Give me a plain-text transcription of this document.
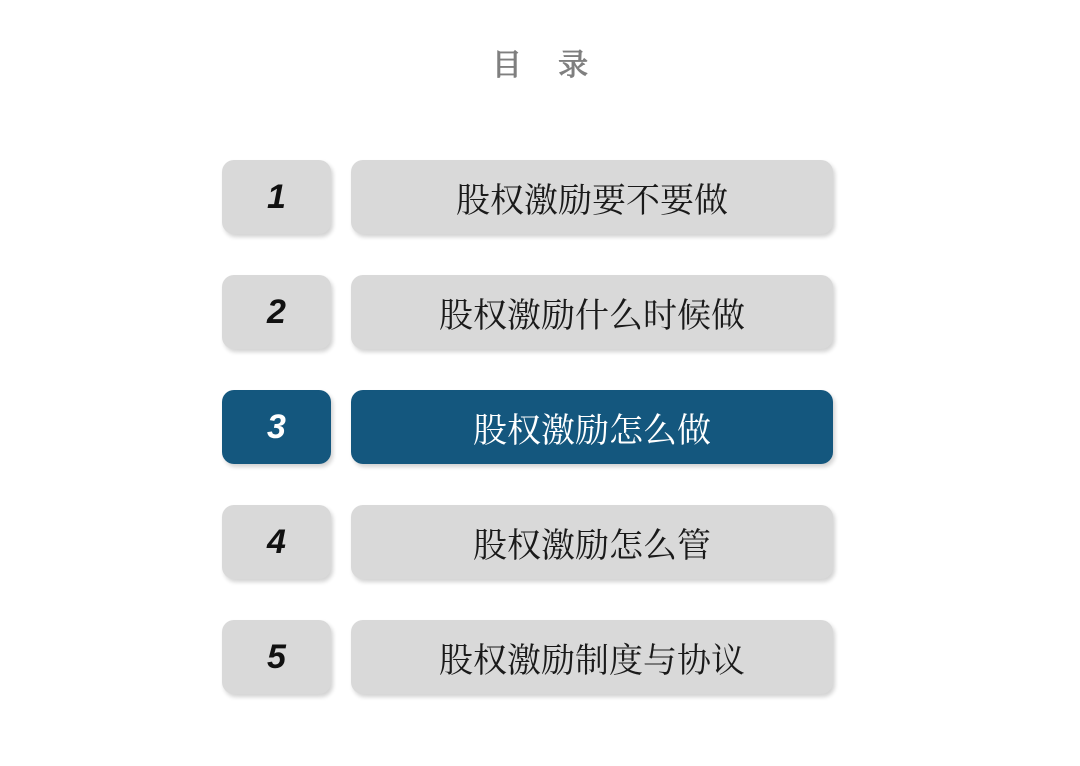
目 录
1	股权激励要不要做
2	股权激励什么时候做
3	股权激励怎么做
4	股权激励怎么管
5	股权激励制度与协议
